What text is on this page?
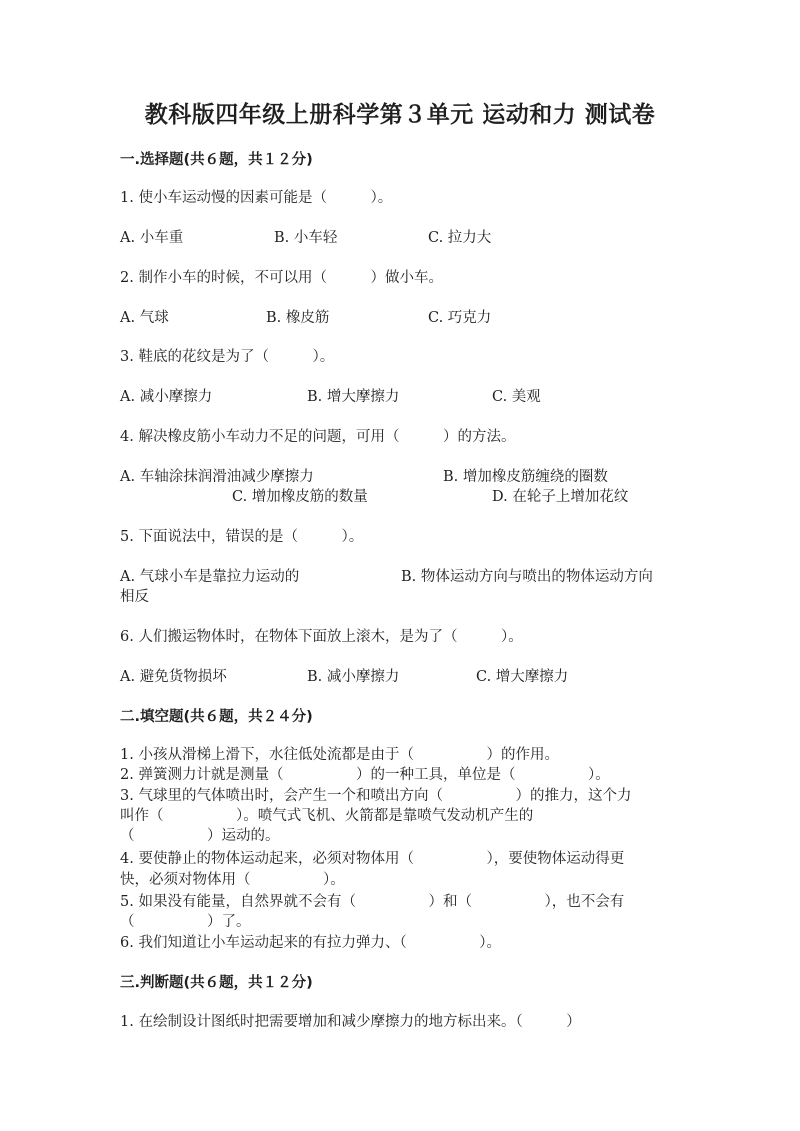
教科版四年级上册科学第３单元 运动和力 测试卷
一.选择题(共６题，共１２分)
1. 使小车运动慢的因素可能是（　　　）。
A. 小车重	B. 小车轻	C. 拉力大
2. 制作小车的时候，不可以用（　　　）做小车。
A. 气球	B. 橡皮筋	C. 巧克力
3. 鞋底的花纹是为了（　　　）。
A. 减小摩擦力	B. 增大摩擦力	C. 美观
4. 解决橡皮筋小车动力不足的问题，可用（　　　）的方法。
A. 车轴涂抹润滑油减少摩擦力	B. 增加橡皮筋缠绕的圈数
C. 增加橡皮筋的数量	D. 在轮子上增加花纹
5. 下面说法中，错误的是（　　　）。
A. 气球小车是靠拉力运动的	B. 物体运动方向与喷出的物体运动方向
相反
6. 人们搬运物体时，在物体下面放上滚木，是为了（　　　）。
A. 避免货物损坏	B. 减小摩擦力	C. 增大摩擦力
二.填空题(共６题，共２４分)
1. 小孩从滑梯上滑下，水往低处流都是由于（　　　　　）的作用。
2. 弹簧测力计就是测量（　　　　　）的一种工具，单位是（　　　　　）。
3. 气球里的气体喷出时，会产生一个和喷出方向（　　　　　）的推力，这个力
叫作（　　　　　）。喷气式飞机、火箭都是靠喷气发动机产生的
（　　　　　）运动的。
4. 要使静止的物体运动起来，必须对物体用（　　　　　），要使物体运动得更
快，必须对物体用（　　　　　）。
5. 如果没有能量，自然界就不会有（　　　　　）和（　　　　　），也不会有
（　　　　　）了。
6. 我们知道让小车运动起来的有拉力弹力、（　　　　　）。
三.判断题(共６题，共１２分)
1. 在绘制设计图纸时把需要增加和减少摩擦力的地方标出来。（　　　）
